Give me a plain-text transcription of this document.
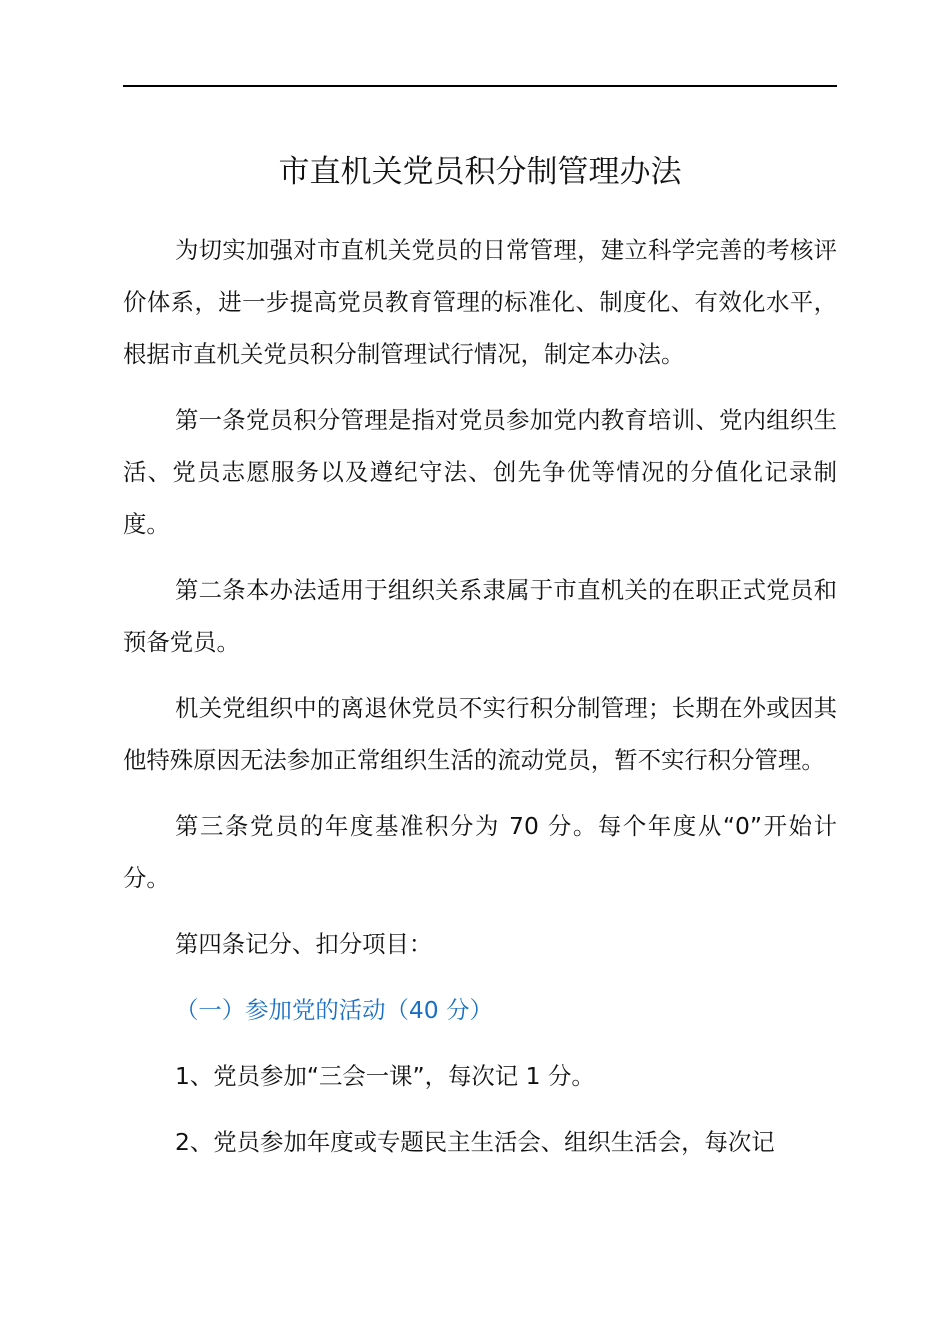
市直机关党员积分制管理办法

为切实加强对市直机关党员的日常管理，建立科学完善的考核评价体系，进一步提高党员教育管理的标准化、制度化、有效化水平，根据市直机关党员积分制管理试行情况，制定本办法。

第一条党员积分管理是指对党员参加党内教育培训、党内组织生活、党员志愿服务以及遵纪守法、创先争优等情况的分值化记录制度。

第二条本办法适用于组织关系隶属于市直机关的在职正式党员和预备党员。

机关党组织中的离退休党员不实行积分制管理；长期在外或因其他特殊原因无法参加正常组织生活的流动党员，暂不实行积分管理。

第三条党员的年度基准积分为 70 分。每个年度从“0”开始计分。

第四条记分、扣分项目：

（一）参加党的活动（40 分）

1、党员参加“三会一课”，每次记 1 分。

2、党员参加年度或专题民主生活会、组织生活会，每次记
